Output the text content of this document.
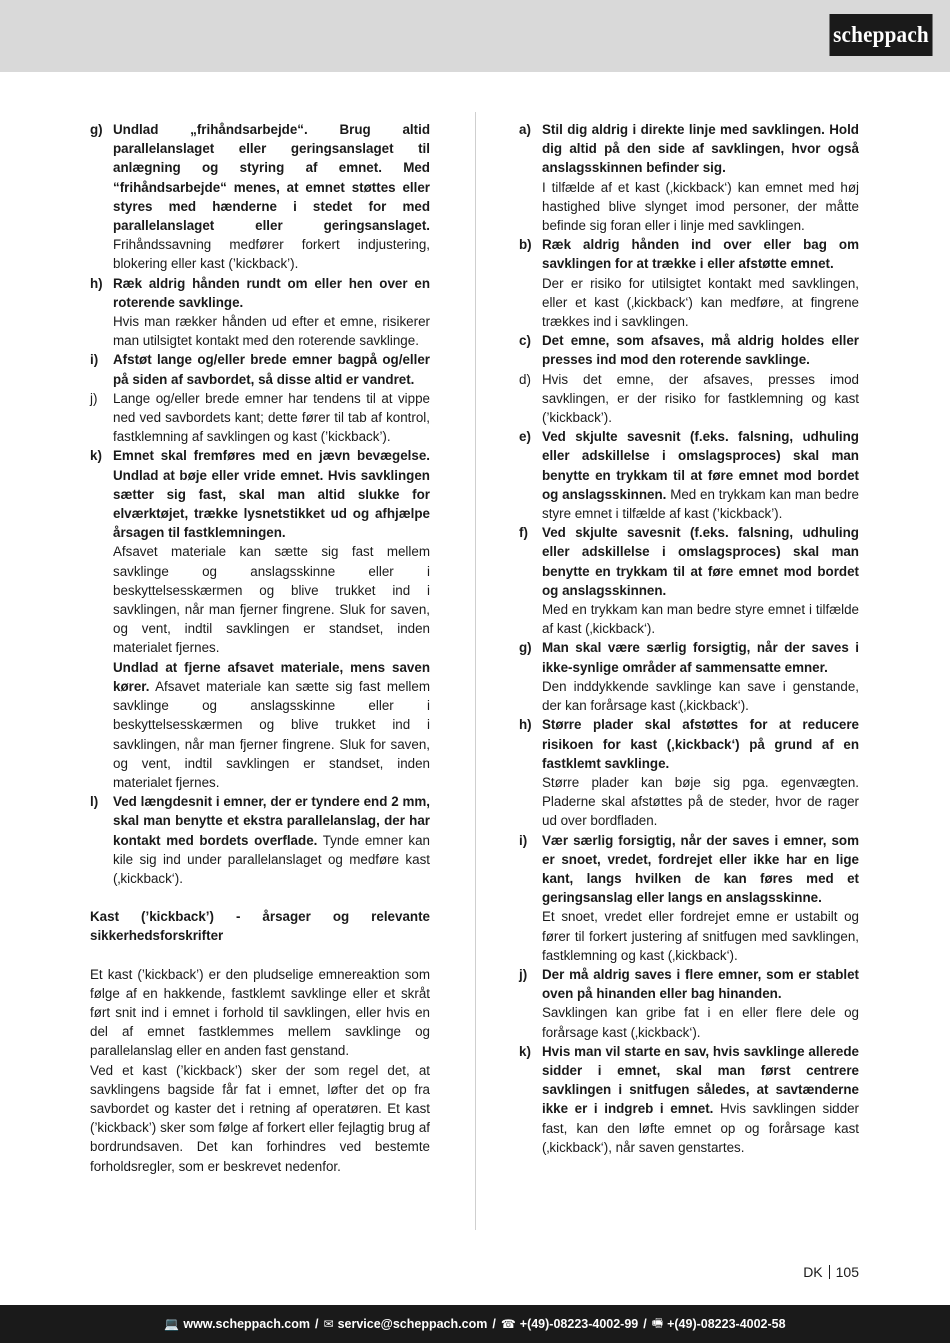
scheppach
g) Undlad „frihåndsarbejde“. Brug altid parallelanslaget eller geringsanslaget til anlægning og styring af emnet. Med “frihåndsarbejde“ menes, at emnet støttes eller styres med hænderne i stedet for med parallelanslaget eller geringsanslaget. Frihåndssavning medfører forkert indjustering, blokering eller kast (’kickback’).
h) Ræk aldrig hånden rundt om eller hen over en roterende savklinge.
Hvis man rækker hånden ud efter et emne, risikerer man utilsigtet kontakt med den roterende savklinge.
i)	Afstøt lange og/eller brede emner bagpå og/eller på siden af savbordet, så disse altid er vandret.
j)	Lange og/eller brede emner har tendens til at vippe ned ved savbordets kant; dette fører til tab af kontrol, fastklemning af savklingen og kast (’kickback’).
k) Emnet skal fremføres med en jævn bevægelse. Undlad at bøje eller vride emnet. Hvis savklingen sætter sig fast, skal man altid slukke for elværktøjet, trække lysnetstikket ud og afhjælpe årsagen til fastklemningen.
Afsavet materiale kan sætte sig fast mellem savklinge og anslagsskinne eller i beskyttelsesskærmen og blive trukket ind i savklingen, når man fjerner fingrene. Sluk for saven, og vent, indtil savklingen er standset, inden materialet fjernes.
Undlad at fjerne afsavet materiale, mens saven kører. Afsavet materiale kan sætte sig fast mellem savklinge og anslagsskinne eller i beskyttelsesskærmen og blive trukket ind i savklingen, når man fjerner fingrene. Sluk for saven, og vent, indtil savklingen er standset, inden materialet fjernes.
l)	Ved længdesnit i emner, der er tyndere end 2 mm, skal man benytte et ekstra parallelanslag, der har kontakt med bordets overflade. Tynde emner kan kile sig ind under parallelanslaget og medføre kast (‚kickback‘).
Kast (’kickback’) - årsager og relevante sikkerhedsforskrifter
Et kast (’kickback’) er den pludselige emnereaktion som følge af en hakkende, fastklemt savklinge eller et skråt ført snit ind i emnet i forhold til savklingen, eller hvis en del af emnet fastklemmes mellem savklinge og parallelanslag eller en anden fast genstand.
Ved et kast (’kickback’) sker der som regel det, at savklingens bagside får fat i emnet, løfter det op fra savbordet og kaster det i retning af operatøren. Et kast (’kickback’) sker som følge af forkert eller fejlagtig brug af bordrundsaven. Det kan forhindres ved bestemte forholdsregler, som er beskrevet nedenfor.
a) Stil dig aldrig i direkte linje med savklingen. Hold dig altid på den side af savklingen, hvor også anslagsskinnen befinder sig.
I tilfælde af et kast (‚kickback‘) kan emnet med høj hastighed blive slynget imod personer, der måtte befinde sig foran eller i linje med savklingen.
b) Ræk aldrig hånden ind over eller bag om savklingen for at trække i eller afstøtte emnet.
Der er risiko for utilsigtet kontakt med savklingen, eller et kast (‚kickback‘) kan medføre, at fingrene trækkes ind i savklingen.
c) Det emne, som afsaves, må aldrig holdes eller presses ind mod den roterende savklinge.
d) Hvis det emne, der afsaves, presses imod savklingen, er der risiko for fastklemning og kast (’kickback’).
e) Ved skjulte savesnit (f.eks. falsning, udhuling eller adskillelse i omslagsproces) skal man benytte en trykkam til at føre emnet mod bordet og anslagsskinnen. Med en trykkam kan man bedre styre emnet i tilfælde af kast (’kickback’).
f)	Ved skjulte savesnit (f.eks. falsning, udhuling eller adskillelse i omslagsproces) skal man benytte en trykkam til at føre emnet mod bordet og anslagsskinnen.
Med en trykkam kan man bedre styre emnet i tilfælde af kast (‚kickback‘).
g) Man skal være særlig forsigtig, når der saves i ikke-synlige områder af sammensatte emner.
Den inddykkende savklinge kan save i genstande, der kan forårsage kast (‚kickback‘).
h) Større plader skal afstøttes for at reducere risikoen for kast (‚kickback‘) på grund af en fastklemt savklinge.
Større plader kan bøje sig pga. egenvægten. Pladerne skal afstøttes på de steder, hvor de rager ud over bordfladen.
i)	Vær særlig forsigtig, når der saves i emner, som er snoet, vredet, fordrejet eller ikke har en lige kant, langs hvilken de kan føres med et geringsanslag eller langs en anslagsskinne.
Et snoet, vredet eller fordrejet emne er ustabilt og fører til forkert justering af snitfugen med savklingen, fastklemning og kast (‚kickback‘).
j)	Der må aldrig saves i flere emner, som er stablet oven på hinanden eller bag hinanden.
Savklingen kan gribe fat i en eller flere dele og forårsage kast (‚kickback‘).
k) Hvis man vil starte en sav, hvis savklinge allerede sidder i emnet, skal man først centrere savklingen i snitfugen således, at savtænderne ikke er i indgreb i emnet. Hvis savklingen sidder fast, kan den løfte emnet op og forårsage kast (‚kickback‘), når saven genstartes.
DK 105
💻 www.scheppach.com / ✉ service@scheppach.com / ☎ +(49)-08223-4002-99 / 🖷 +(49)-08223-4002-58
